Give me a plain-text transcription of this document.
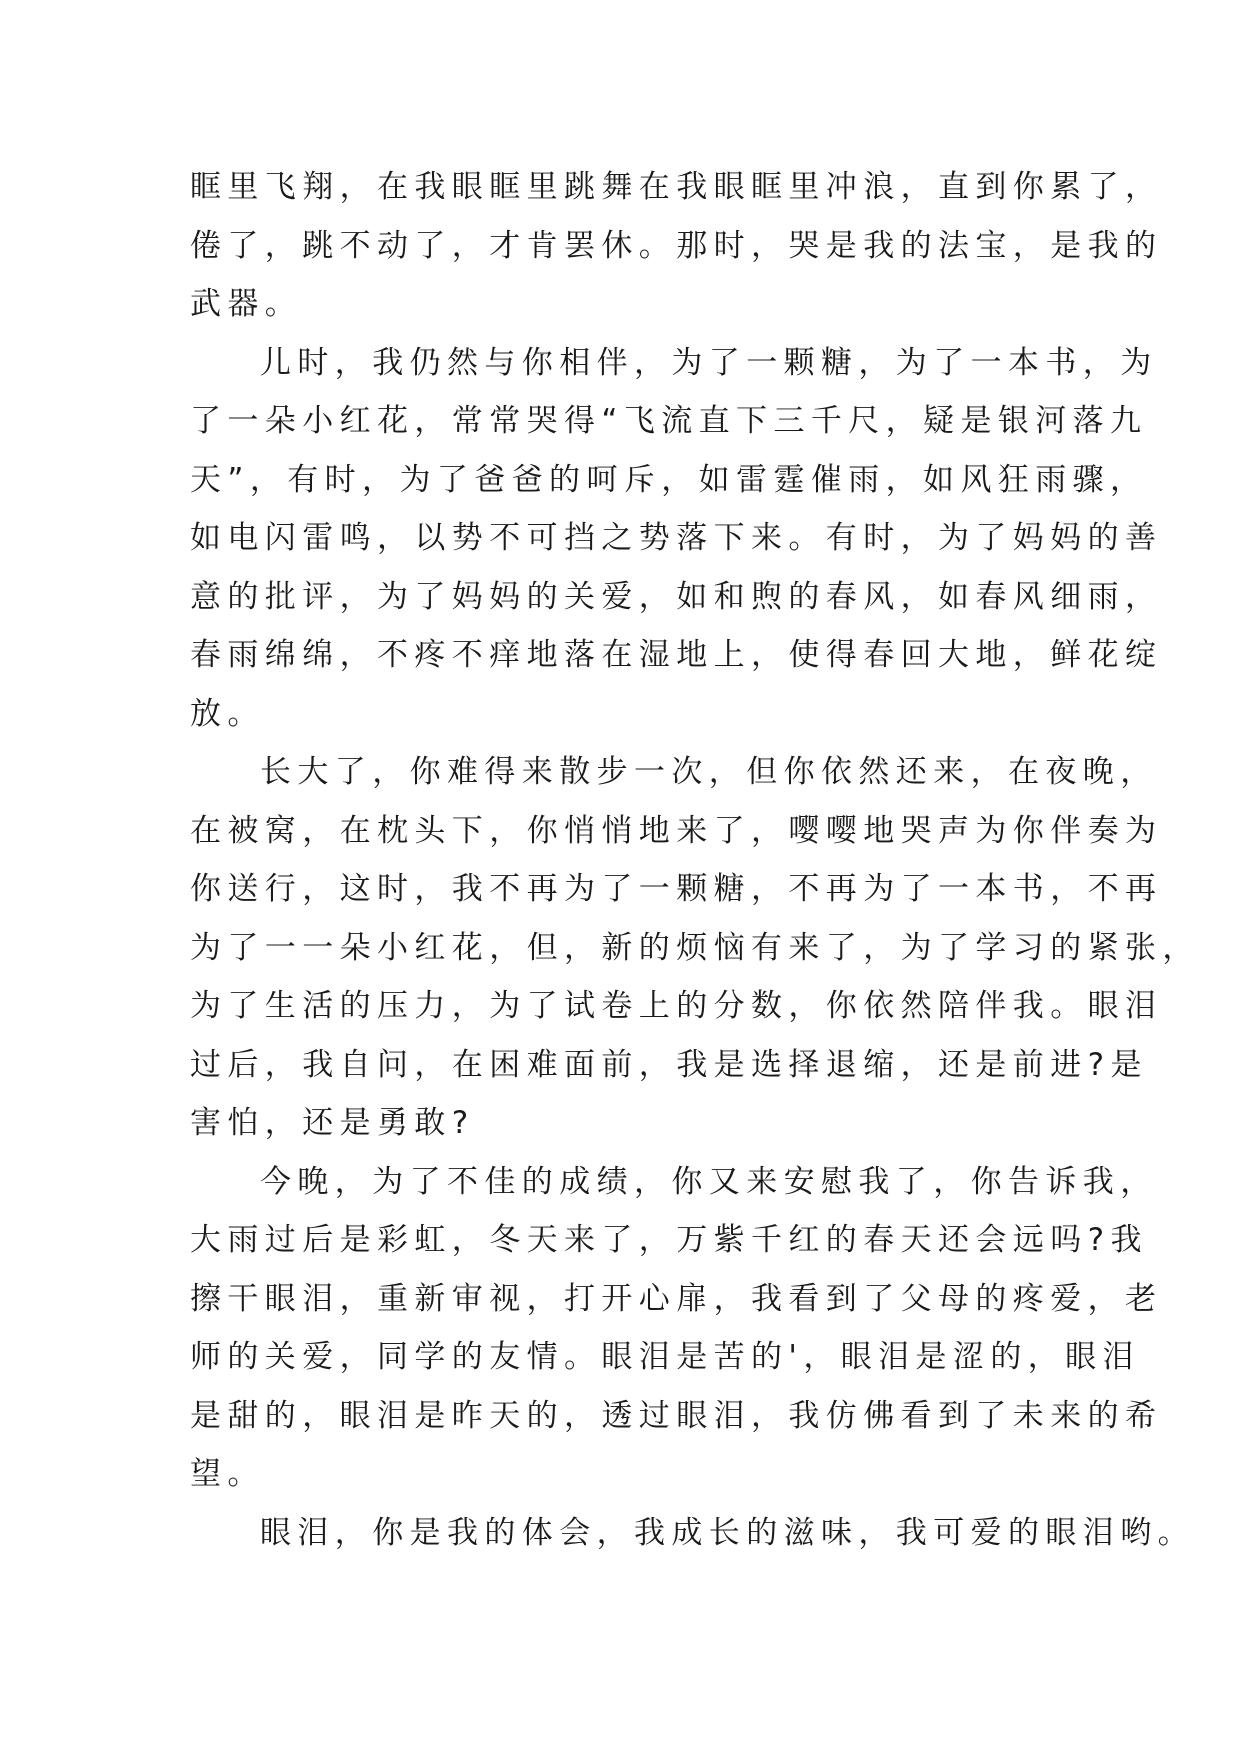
眶里飞翔，在我眼眶里跳舞在我眼眶里冲浪，直到你累了，
倦了，跳不动了，才肯罢休。那时，哭是我的法宝，是我的
武器。

儿时，我仍然与你相伴，为了一颗糖，为了一本书，为
了一朵小红花，常常哭得“飞流直下三千尺，疑是银河落九
天”，有时，为了爸爸的呵斥，如雷霆催雨，如风狂雨骤，
如电闪雷鸣，以势不可挡之势落下来。有时，为了妈妈的善
意的批评，为了妈妈的关爱，如和煦的春风，如春风细雨，
春雨绵绵，不疼不痒地落在湿地上，使得春回大地，鲜花绽
放。

长大了，你难得来散步一次，但你依然还来，在夜晚，
在被窝，在枕头下，你悄悄地来了，嘤嘤地哭声为你伴奏为
你送行，这时，我不再为了一颗糖，不再为了一本书，不再
为了一一朵小红花，但，新的烦恼有来了，为了学习的紧张，
为了生活的压力，为了试卷上的分数，你依然陪伴我。眼泪
过后，我自问，在困难面前，我是选择退缩，还是前进?是
害怕，还是勇敢?

今晚，为了不佳的成绩，你又来安慰我了，你告诉我，
大雨过后是彩虹，冬天来了，万紫千红的春天还会远吗?我
擦干眼泪，重新审视，打开心扉，我看到了父母的疼爱，老
师的关爱，同学的友情。眼泪是苦的'，眼泪是涩的，眼泪
是甜的，眼泪是昨天的，透过眼泪，我仿佛看到了未来的希
望。

眼泪，你是我的体会，我成长的滋味，我可爱的眼泪哟。
